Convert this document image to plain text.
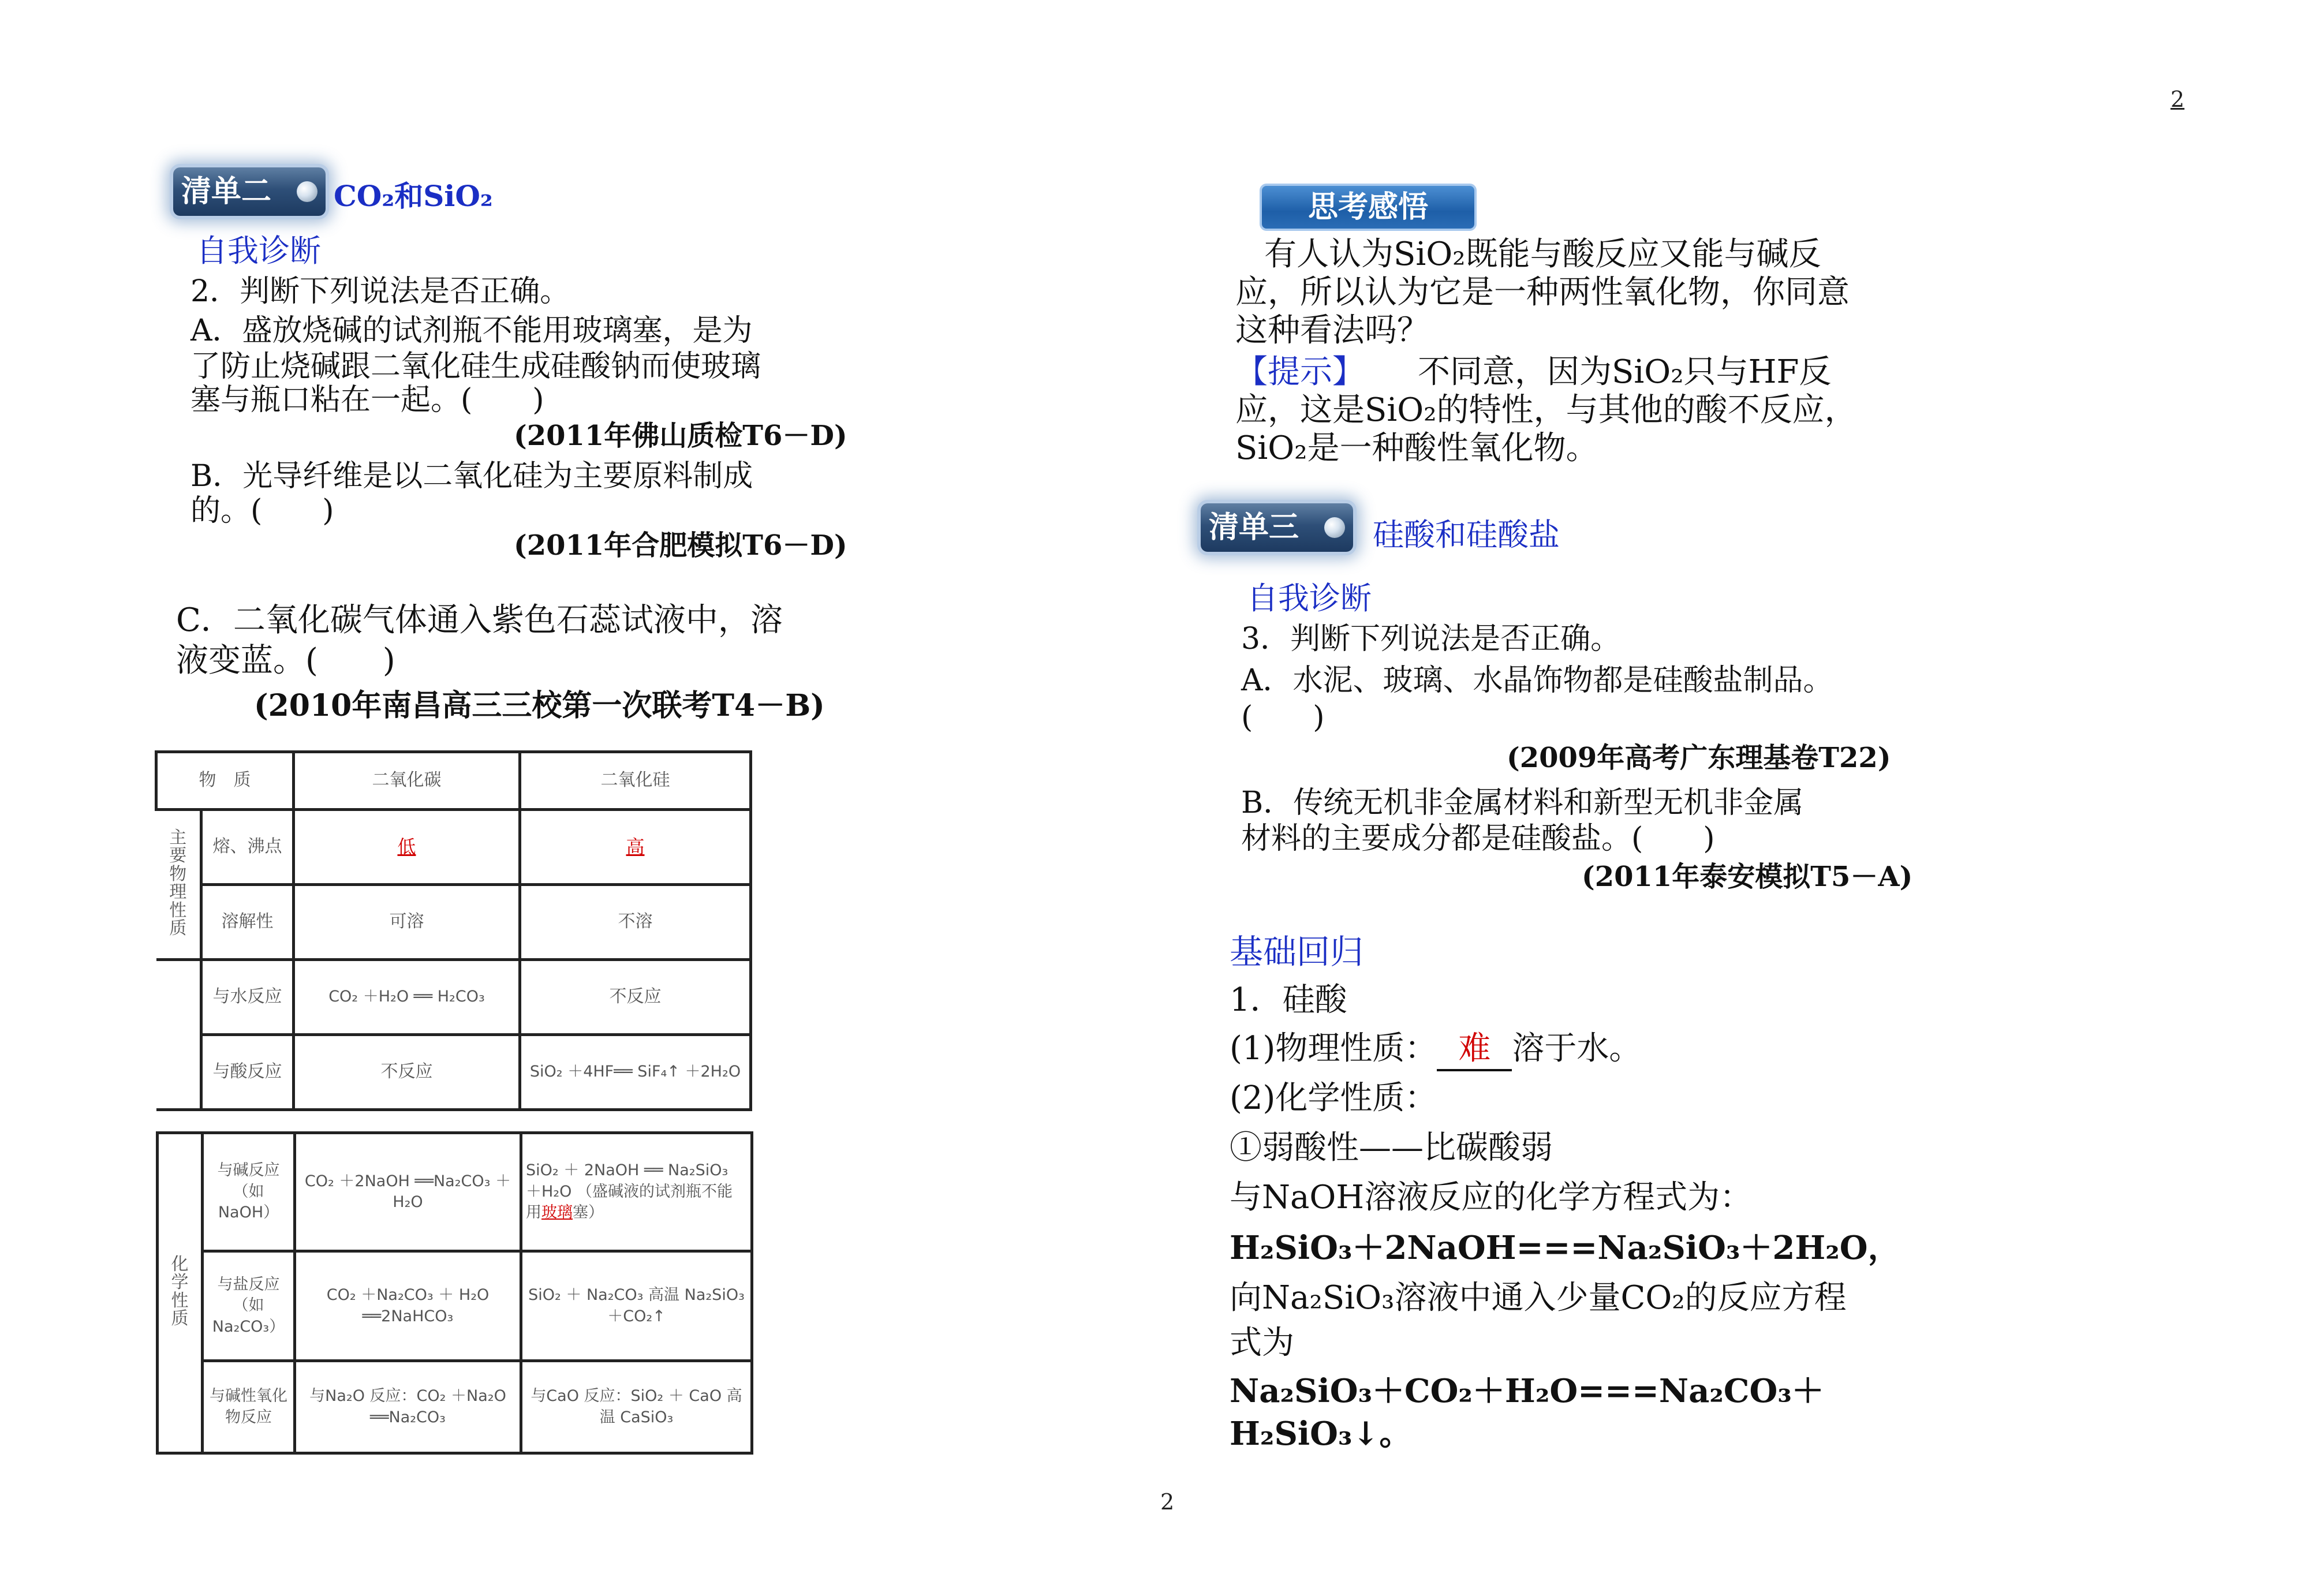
2
2
清单二	CO₂和SiO₂
自我诊断
2．判断下列说法是否正确。
A．盛放烧碱的试剂瓶不能用玻璃塞，是为
了防止烧碱跟二氧化硅生成硅酸钠而使玻璃
塞与瓶口粘在一起。(　　)
(2011年佛山质检T6－D)
B．光导纤维是以二氧化硅为主要原料制成
的。(　　)
(2011年合肥模拟T6－D)
C．二氧化碳气体通入紫色石蕊试液中，溶
液变蓝。(　　)
(2010年南昌高三三校第一次联考T4－B)
物　质		二氧化碳	二氧化硅
主要物理性质	熔、沸点	低	高
	溶解性	可溶	不溶
	与水反应	CO₂ ＋H₂O ══ H₂CO₃	不反应
	与酸反应	不反应	SiO₂ ＋4HF══ SiF₄↑ ＋2H₂O
化学性质	与碱反应（如NaOH）	CO₂ ＋2NaOH ══Na₂CO₃ ＋H₂O	SiO₂ ＋ 2NaOH ══ Na₂SiO₃ ＋H₂O （盛碱液的试剂瓶不能用玻璃塞）
	与盐反应（如Na₂CO₃）	CO₂ ＋Na₂CO₃ ＋ H₂O ══2NaHCO₃	SiO₂ ＋ Na₂CO₃ 高温 Na₂SiO₃ ＋CO₂↑
	与碱性氧化物反应	与Na₂O 反应：CO₂ ＋Na₂O ══Na₂CO₃	与CaO 反应：SiO₂ ＋ CaO 高温 CaSiO₃
思考感悟
有人认为SiO₂既能与酸反应又能与碱反
应，所以认为它是一种两性氧化物，你同意
这种看法吗？
【提示】 　不同意，因为SiO₂只与HF反
应，这是SiO₂的特性，与其他的酸不反应，
SiO₂是一种酸性氧化物。
清单三	硅酸和硅酸盐
自我诊断
3．判断下列说法是否正确。
A．水泥、玻璃、水晶饰物都是硅酸盐制品。
(　　)
(2009年高考广东理基卷T22)
B．传统无机非金属材料和新型无机非金属
材料的主要成分都是硅酸盐。(　　)
(2011年泰安模拟T5－A)
基础回归
1．硅酸
(1)物理性质： 难 溶于水。
(2)化学性质：
①弱酸性——比碳酸弱
与NaOH溶液反应的化学方程式为：
H₂SiO₃＋2NaOH===Na₂SiO₃＋2H₂O，
向Na₂SiO₃溶液中通入少量CO₂的反应方程
式为
Na₂SiO₃＋CO₂＋H₂O===Na₂CO₃＋
H₂SiO₃↓。
